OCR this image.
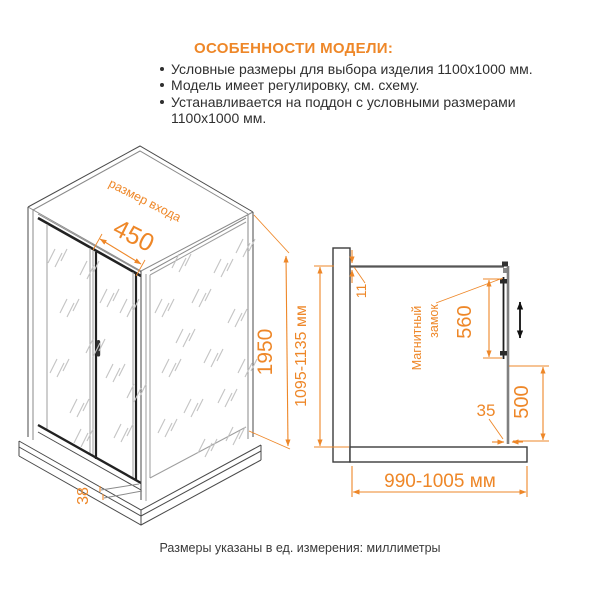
ОСОБЕННОСТИ МОДЕЛИ:
Условные размеры для выбора изделия 1100х1000 мм.
Модель имеет регулировку, см. схему.
Устанавливается на поддон с условными размерами 1100х1000 мм.
размер входа
450
1950
38
1095-1135 мм
11
Магнитный замок 560
500
35
990-1005 мм
Размеры указаны в ед. измерения: миллиметры
